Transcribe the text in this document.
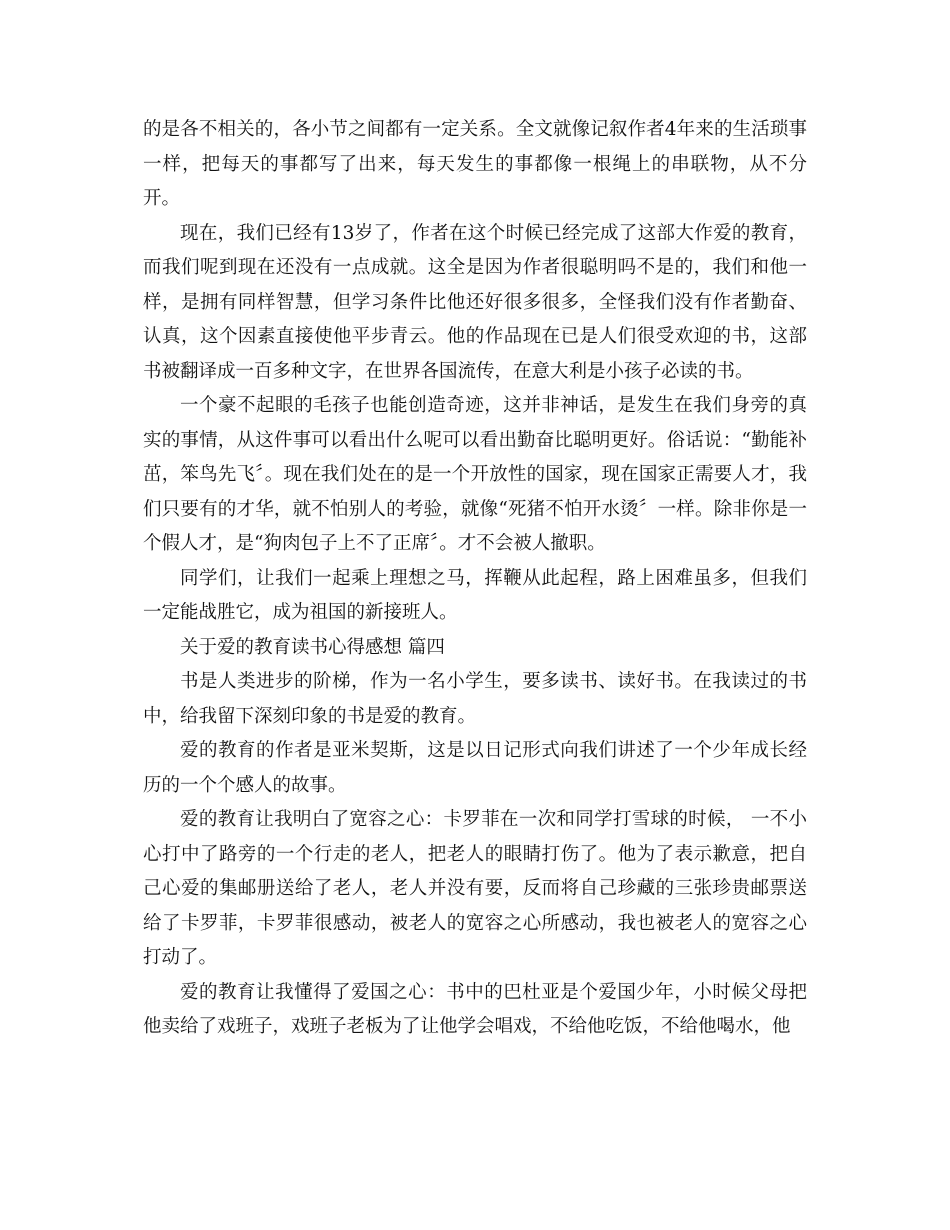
的是各不相关的，各小节之间都有一定关系。全文就像记叙作者4年来的生活琐事一样，把每天的事都写了出来，每天发生的事都像一根绳上的串联物，从不分开。

现在，我们已经有13岁了，作者在这个时候已经完成了这部大作爱的教育，而我们呢到现在还没有一点成就。这全是因为作者很聪明吗不是的，我们和他一样，是拥有同样智慧，但学习条件比他还好很多很多，全怪我们没有作者勤奋、认真，这个因素直接使他平步青云。他的作品现在已是人们很受欢迎的书，这部书被翻译成一百多种文字，在世界各国流传，在意大利是小孩子必读的书。

一个豪不起眼的毛孩子也能创造奇迹，这并非神话，是发生在我们身旁的真实的事情，从这件事可以看出什么呢可以看出勤奋比聪明更好。俗话说：“勤能补茁，笨鸟先飞〞。现在我们处在的是一个开放性的国家，现在国家正需要人才，我们只要有的才华，就不怕别人的考验，就像“死猪不怕开水烫〞一样。除非你是一个假人才，是“狗肉包子上不了正席〞。才不会被人撤职。

同学们，让我们一起乘上理想之马，挥鞭从此起程，路上困难虽多，但我们一定能战胜它，成为祖国的新接班人。

关于爱的教育读书心得感想 篇四

书是人类进步的阶梯，作为一名小学生，要多读书、读好书。在我读过的书中，给我留下深刻印象的书是爱的教育。

爱的教育的作者是亚米契斯，这是以日记形式向我们讲述了一个少年成长经历的一个个感人的故事。

爱的教育让我明白了宽容之心：卡罗菲在一次和同学打雪球的时候， 一不小心打中了路旁的一个行走的老人，把老人的眼睛打伤了。他为了表示歉意，把自己心爱的集邮册送给了老人，老人并没有要，反而将自己珍藏的三张珍贵邮票送给了卡罗菲，卡罗菲很感动，被老人的宽容之心所感动，我也被老人的宽容之心打动了。

爱的教育让我懂得了爱国之心：书中的巴杜亚是个爱国少年，小时候父母把他卖给了戏班子，戏班子老板为了让他学会唱戏，不给他吃饭，不给他喝水，他
